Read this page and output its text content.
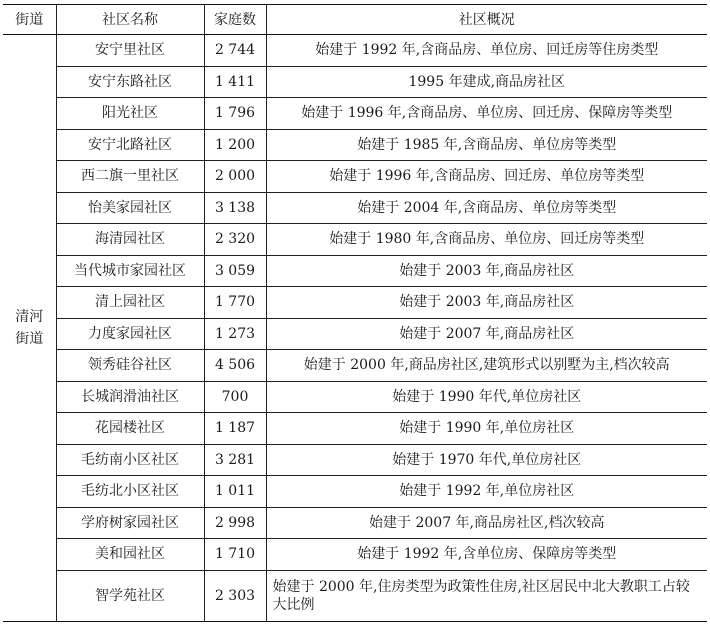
街道	社区名称	家庭数	社区概况
清河街道	安宁里社区	2 744	始建于 1992 年,含商品房、单位房、回迁房等住房类型
	安宁东路社区	1 411	1995 年建成,商品房社区
	阳光社区	1 796	始建于 1996 年,含商品房、单位房、回迁房、保障房等类型
	安宁北路社区	1 200	始建于 1985 年,含商品房、单位房等类型
	西二旗一里社区	2 000	始建于 1996 年,含商品房、回迁房、单位房等类型
	怡美家园社区	3 138	始建于 2004 年,含商品房、单位房等类型
	海清园社区	2 320	始建于 1980 年,含商品房、单位房、回迁房等类型
	当代城市家园社区	3 059	始建于 2003 年,商品房社区
	清上园社区	1 770	始建于 2003 年,商品房社区
	力度家园社区	1 273	始建于 2007 年,商品房社区
	领秀硅谷社区	4 506	始建于 2000 年,商品房社区,建筑形式以别墅为主,档次较高
	长城润滑油社区	700	始建于 1990 年代,单位房社区
	花园楼社区	1 187	始建于 1990 年,单位房社区
	毛纺南小区社区	3 281	始建于 1970 年代,单位房社区
	毛纺北小区社区	1 011	始建于 1992 年,单位房社区
	学府树家园社区	2 998	始建于 2007 年,商品房社区,档次较高
	美和园社区	1 710	始建于 1992 年,含单位房、保障房等类型
	智学苑社区	2 303	始建于 2000 年,住房类型为政策性住房,社区居民中北大教职工占较大比例
